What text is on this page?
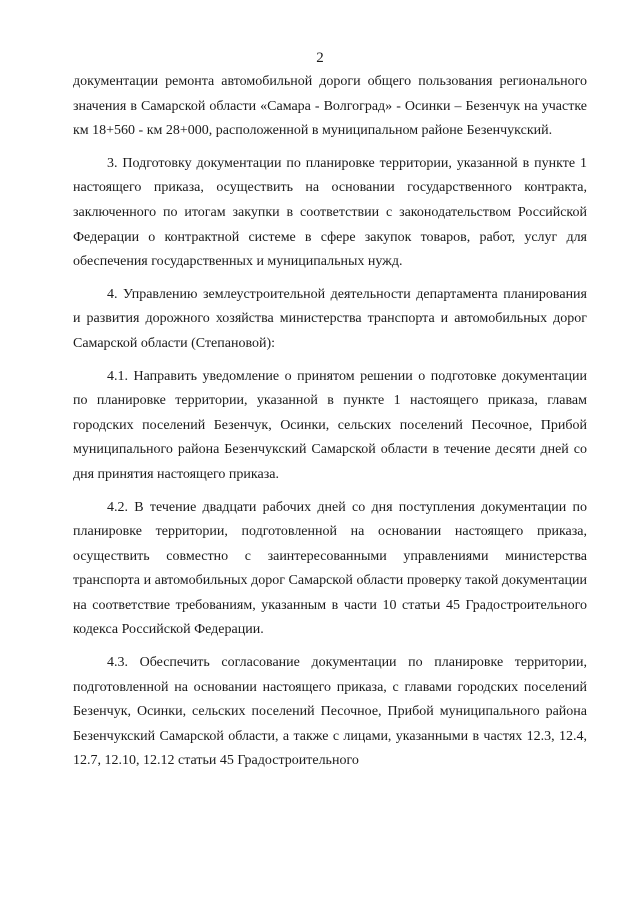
2

документации ремонта автомобильной дороги общего пользования регионального значения в Самарской области «Самара - Волгоград» - Осинки – Безенчук на участке км 18+560 - км 28+000, расположенной в муниципальном районе Безенчукский.

3. Подготовку документации по планировке территории, указанной в пункте 1 настоящего приказа, осуществить на основании государственного контракта, заключенного по итогам закупки в соответствии с законодательством Российской Федерации о контрактной системе в сфере закупок товаров, работ, услуг для обеспечения государственных и муниципальных нужд.

4. Управлению землеустроительной деятельности департамента планирования и развития дорожного хозяйства министерства транспорта и автомобильных дорог Самарской области (Степановой):

4.1. Направить уведомление о принятом решении о подготовке документации по планировке территории, указанной в пункте 1 настоящего приказа, главам городских поселений Безенчук, Осинки, сельских поселений Песочное, Прибой муниципального района Безенчукский Самарской области в течение десяти дней со дня принятия настоящего приказа.

4.2. В течение двадцати рабочих дней со дня поступления документации по планировке территории, подготовленной на основании настоящего приказа, осуществить совместно с заинтересованными управлениями министерства транспорта и автомобильных дорог Самарской области проверку такой документации на соответствие требованиям, указанным в части 10 статьи 45 Градостроительного кодекса Российской Федерации.

4.3. Обеспечить согласование документации по планировке территории, подготовленной на основании настоящего приказа, с главами городских поселений Безенчук, Осинки, сельских поселений Песочное, Прибой муниципального района Безенчукский Самарской области, а также с лицами, указанными в частях 12.3, 12.4, 12.7, 12.10, 12.12 статьи 45 Градостроительного
